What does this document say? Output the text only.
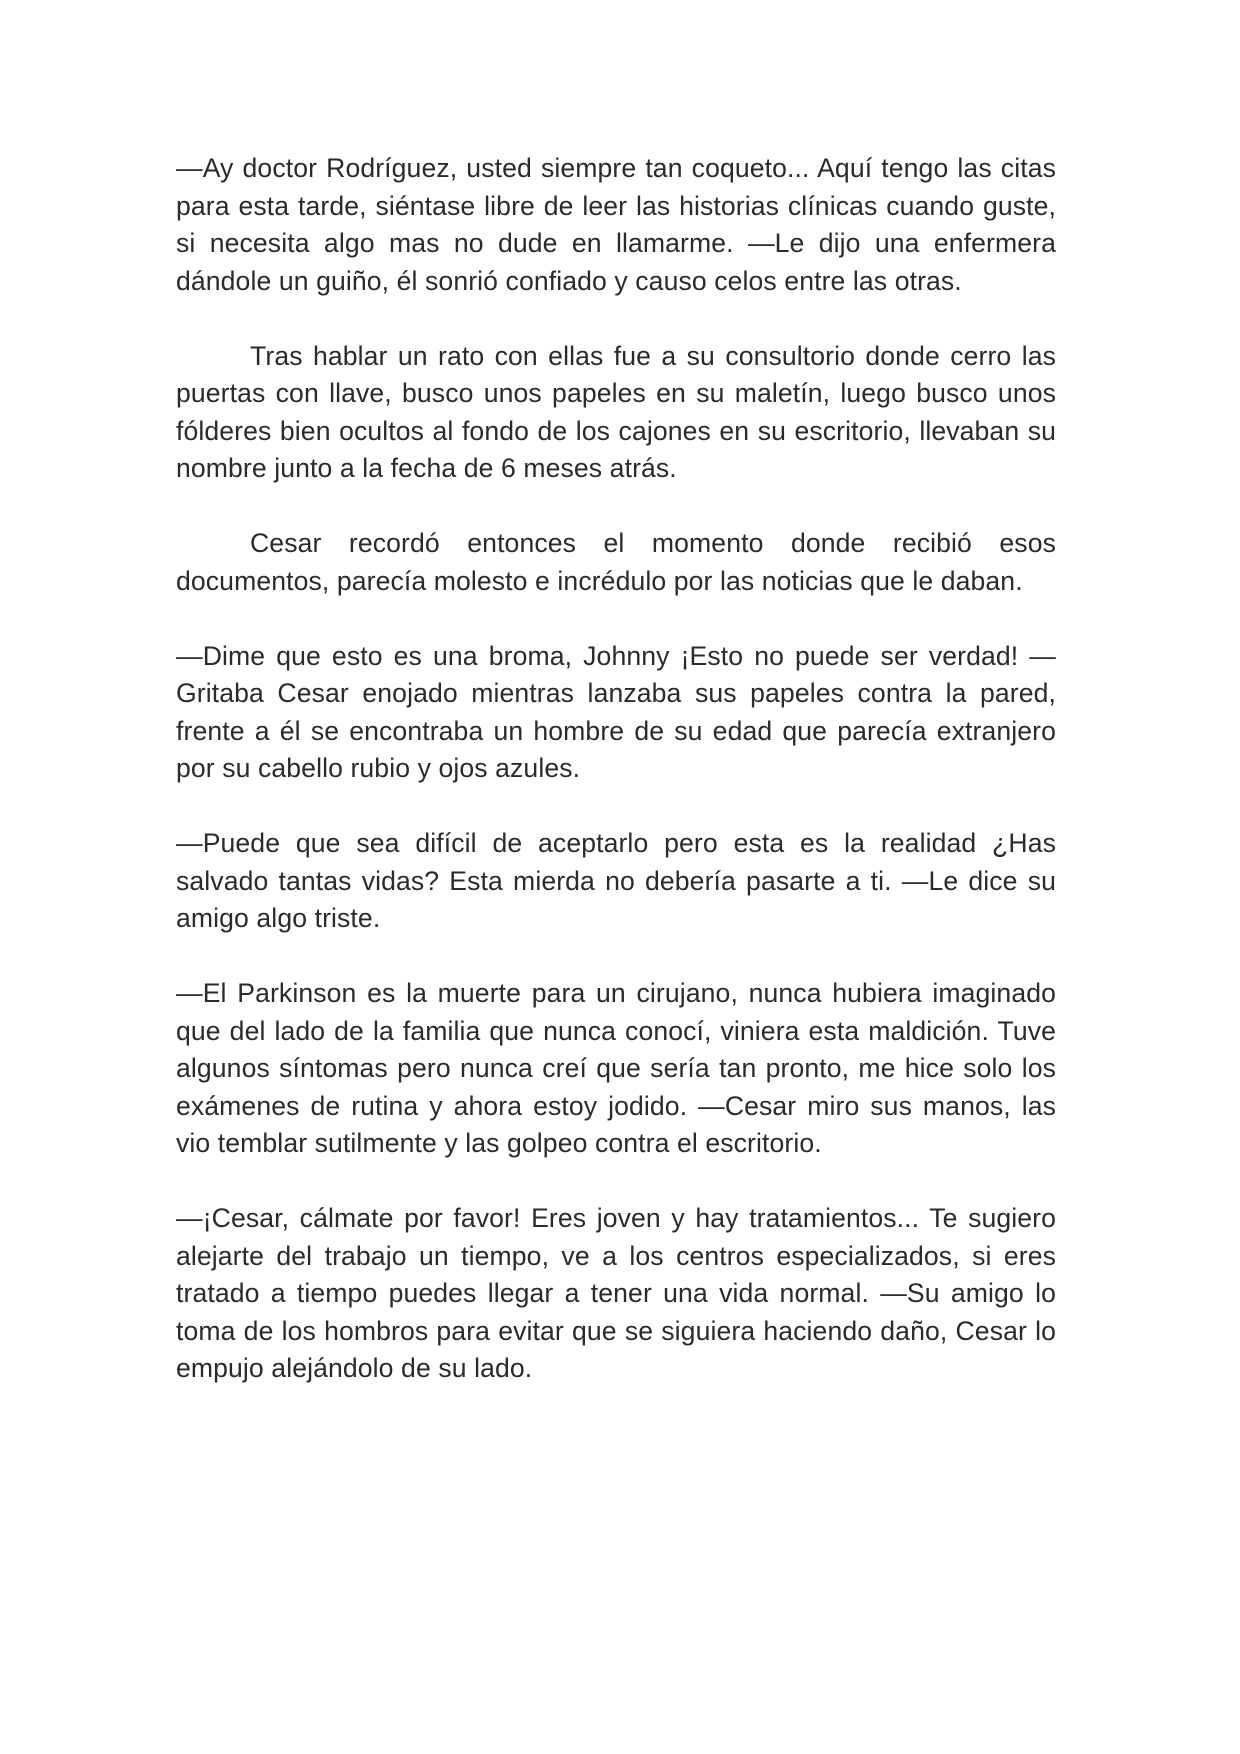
—Ay doctor Rodríguez, usted siempre tan coqueto... Aquí tengo las citas para esta tarde, siéntase libre de leer las historias clínicas cuando guste, si necesita algo mas no dude en llamarme. —Le dijo una enfermera dándole un guiño, él sonrió confiado y causo celos entre las otras.

Tras hablar un rato con ellas fue a su consultorio donde cerro las puertas con llave, busco unos papeles en su maletín, luego busco unos fólderes bien ocultos al fondo de los cajones en su escritorio, llevaban su nombre junto a la fecha de 6 meses atrás.

Cesar recordó entonces el momento donde recibió esos documentos, parecía molesto e incrédulo por las noticias que le daban.

—Dime que esto es una broma, Johnny ¡Esto no puede ser verdad! —Gritaba Cesar enojado mientras lanzaba sus papeles contra la pared, frente a él se encontraba un hombre de su edad que parecía extranjero por su cabello rubio y ojos azules.

—Puede que sea difícil de aceptarlo pero esta es la realidad ¿Has salvado tantas vidas? Esta mierda no debería pasarte a ti. —Le dice su amigo algo triste.

—El Parkinson es la muerte para un cirujano, nunca hubiera imaginado que del lado de la familia que nunca conocí, viniera esta maldición. Tuve algunos síntomas pero nunca creí que sería tan pronto, me hice solo los exámenes de rutina y ahora estoy jodido. —Cesar miro sus manos, las vio temblar sutilmente y las golpeo contra el escritorio.

—¡Cesar, cálmate por favor! Eres joven y hay tratamientos... Te sugiero alejarte del trabajo un tiempo, ve a los centros especializados, si eres tratado a tiempo puedes llegar a tener una vida normal. —Su amigo lo toma de los hombros para evitar que se siguiera haciendo daño, Cesar lo empujo alejándolo de su lado.
